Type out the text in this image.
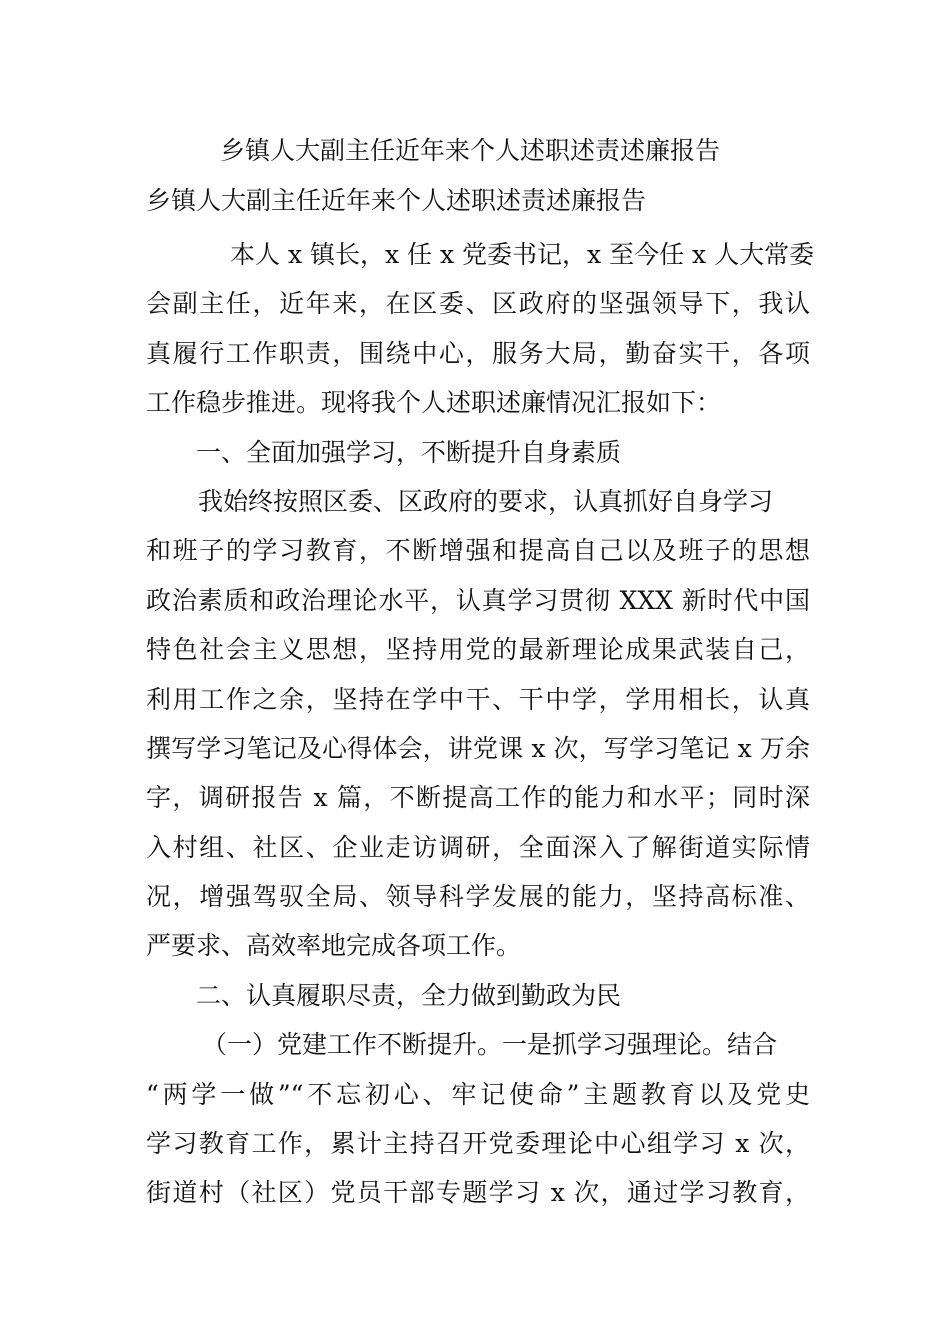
乡镇人大副主任近年来个人述职述责述廉报告
乡镇人大副主任近年来个人述职述责述廉报告
本人 x 镇长，x 任 x 党委书记，x 至今任 x 人大常委
会副主任，近年来，在区委、区政府的坚强领导下，我认
真履行工作职责，围绕中心，服务大局，勤奋实干，各项
工作稳步推进。现将我个人述职述廉情况汇报如下：
一、全面加强学习，不断提升自身素质
我始终按照区委、区政府的要求，认真抓好自身学习
和班子的学习教育，不断增强和提高自己以及班子的思想
政治素质和政治理论水平，认真学习贯彻 XXX 新时代中国
特色社会主义思想，坚持用党的最新理论成果武装自己，
利用工作之余，坚持在学中干、干中学，学用相长，认真
撰写学习笔记及心得体会，讲党课 x 次，写学习笔记 x 万余
字，调研报告 x 篇，不断提高工作的能力和水平；同时深
入村组、社区、企业走访调研，全面深入了解街道实际情
况，增强驾驭全局、领导科学发展的能力，坚持高标准、
严要求、高效率地完成各项工作。
二、认真履职尽责，全力做到勤政为民
（一）党建工作不断提升。一是抓学习强理论。结合
“两学一做”“不忘初心、牢记使命”主题教育以及党史
学习教育工作，累计主持召开党委理论中心组学习 x 次，
街道村（社区）党员干部专题学习 x 次，通过学习教育，
